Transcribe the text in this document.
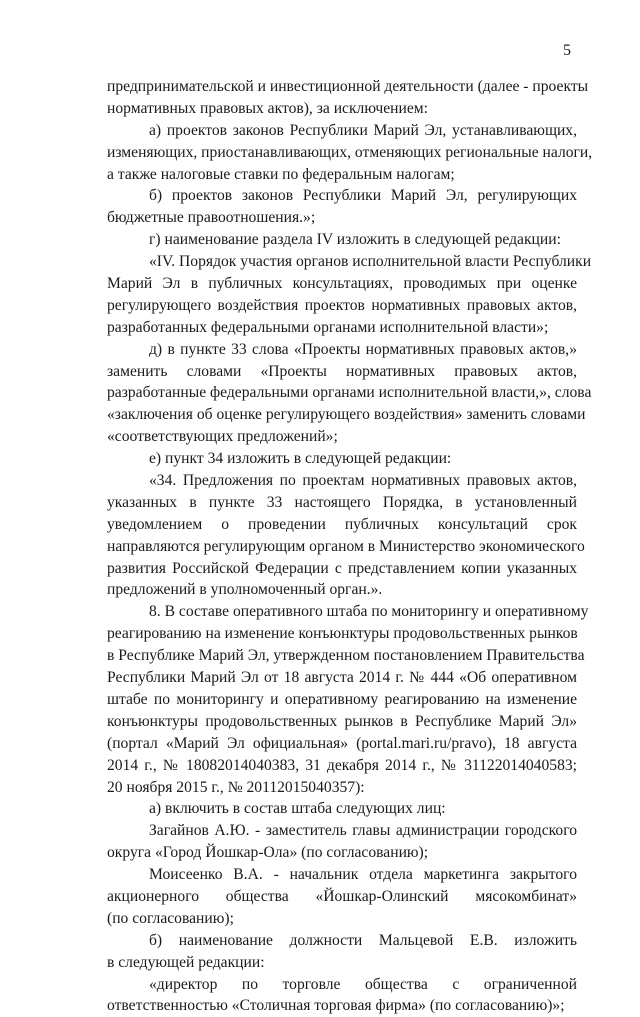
5
предпринимательской и инвестиционной деятельности (далее - проекты
нормативных правовых актов), за исключением:
а) проектов законов Республики Марий Эл, устанавливающих,
изменяющих, приостанавливающих, отменяющих региональные налоги,
а также налоговые ставки по федеральным налогам;
б) проектов законов Республики Марий Эл, регулирующих
бюджетные правоотношения.»;
г) наименование раздела IV изложить в следующей редакции:
«IV. Порядок участия органов исполнительной власти Республики
Марий Эл в публичных консультациях, проводимых при оценке
регулирующего воздействия проектов нормативных правовых актов,
разработанных федеральными органами исполнительной власти»;
д) в пункте 33 слова «Проекты нормативных правовых актов,»
заменить словами «Проекты нормативных правовых актов,
разработанные федеральными органами исполнительной власти,», слова
«заключения об оценке регулирующего воздействия» заменить словами
«соответствующих предложений»;
е) пункт 34 изложить в следующей редакции:
«34. Предложения по проектам нормативных правовых актов,
указанных в пункте 33 настоящего Порядка, в установленный
уведомлением о проведении публичных консультаций срок
направляются регулирующим органом в Министерство экономического
развития Российской Федерации с представлением копии указанных
предложений в уполномоченный орган.».
8. В составе оперативного штаба по мониторингу и оперативному
реагированию на изменение конъюнктуры продовольственных рынков
в Республике Марий Эл, утвержденном постановлением Правительства
Республики Марий Эл от 18 августа 2014 г. № 444 «Об оперативном
штабе по мониторингу и оперативному реагированию на изменение
конъюнктуры продовольственных рынков в Республике Марий Эл»
(портал «Марий Эл официальная» (portal.mari.ru/pravo), 18 августа
2014 г., № 18082014040383, 31 декабря 2014 г., № 31122014040583;
20 ноября 2015 г., № 20112015040357):
а) включить в состав штаба следующих лиц:
Загайнов А.Ю. - заместитель главы администрации городского
округа «Город Йошкар-Ола» (по согласованию);
Моисеенко В.А. - начальник отдела маркетинга закрытого
акционерного общества «Йошкар-Олинский мясокомбинат»
(по согласованию);
б) наименование должности Мальцевой Е.В. изложить
в следующей редакции:
«директор по торговле общества с ограниченной
ответственностью «Столичная торговая фирма» (по согласованию)»;
